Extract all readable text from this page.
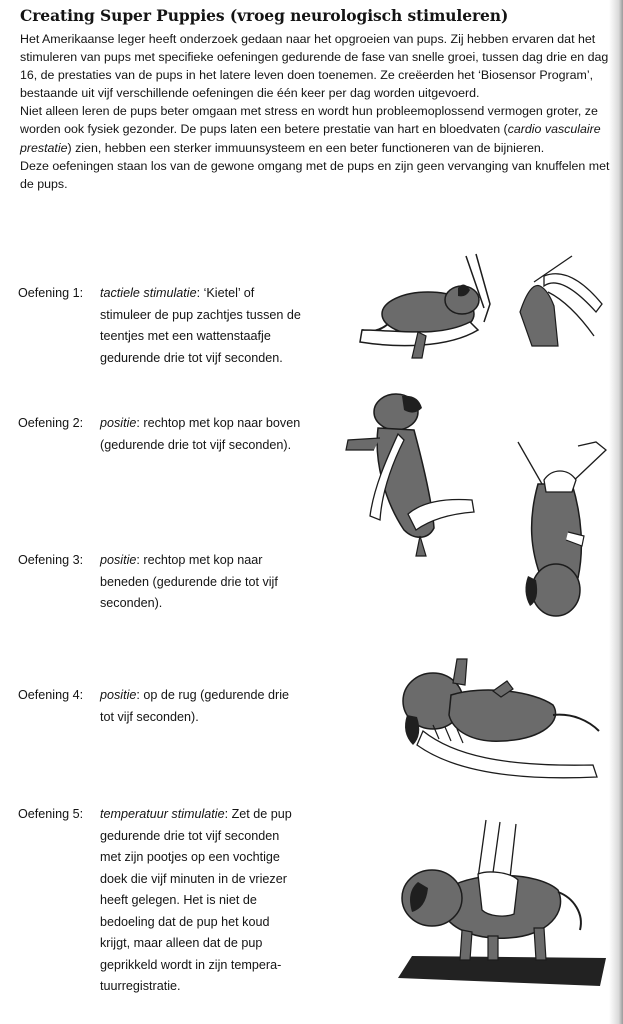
Creating Super Puppies (vroeg neurologisch stimuleren)

Het Amerikaanse leger heeft onderzoek gedaan naar het opgroeien van pups. Zij hebben ervaren dat het stimuleren van pups met specifieke oefeningen gedurende de fase van snelle groei, tussen dag drie en dag 16, de prestaties van de pups in het latere leven doen toenemen. Ze creëerden het ‘Biosensor Program’, bestaande uit vijf verschillende oefeningen die één keer per dag worden uitgevoerd.

Niet alleen leren de pups beter omgaan met stress en wordt hun probleemoplossend vermogen groter, ze worden ook fysiek gezonder. De pups laten een betere prestatie van hart en bloedvaten (cardio vasculaire prestatie) zien, hebben een sterker immuunsysteem en een beter functioneren van de bijnieren.

Deze oefeningen staan los van de gewone omgang met de pups en zijn geen vervanging van knuffelen met de pups.

Oefening 1: tactiele stimulatie: ‘Kietel’ of
stimuleer de pup zachtjes tussen de
teentjes met een wattenstaafje
gedurende drie tot vijf seconden.
Oefening 2: positie: rechtop met kop naar boven
(gedurende drie tot vijf seconden).
Oefening 3: positie: rechtop met kop naar
beneden (gedurende drie tot vijf
seconden).
Oefening 4: positie: op de rug (gedurende drie
tot vijf seconden).
Oefening 5: temperatuur stimulatie: Zet de pup
gedurende drie tot vijf seconden
met zijn pootjes op een vochtige
doek die vijf minuten in de vriezer
heeft gelegen. Het is niet de
bedoeling dat de pup het koud
krijgt, maar alleen dat de pup
geprikkeld wordt in zijn tempera-
tuurregistratie.
